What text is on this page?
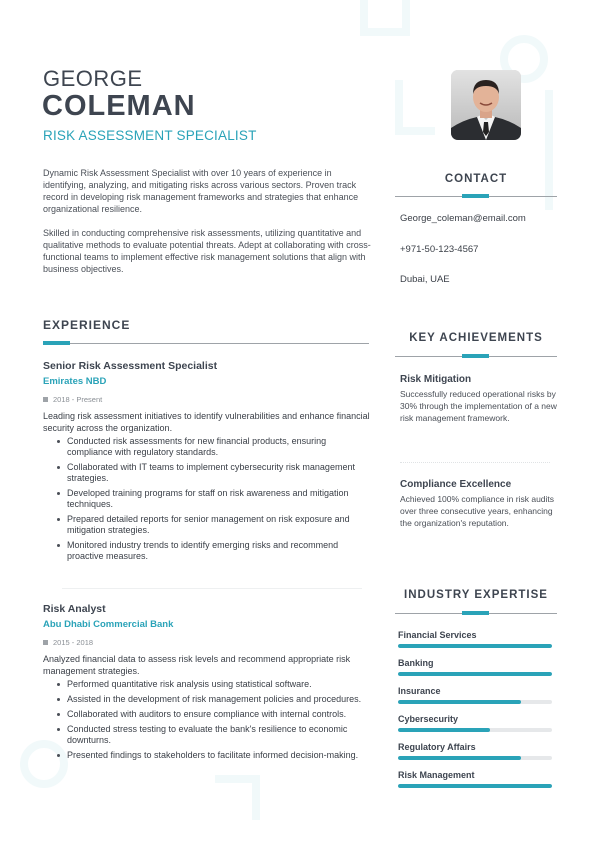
GEORGE
COLEMAN
RISK ASSESSMENT SPECIALIST

Dynamic Risk Assessment Specialist with over 10 years of experience in identifying, analyzing, and mitigating risks across various sectors. Proven track record in developing risk management frameworks and strategies that enhance organizational resilience.

Skilled in conducting comprehensive risk assessments, utilizing quantitative and qualitative methods to evaluate potential threats. Adept at collaborating with cross-functional teams to implement effective risk management solutions that align with business objectives.

CONTACT
George_coleman@email.com
+971-50-123-4567
Dubai, UAE
EXPERIENCE
Senior Risk Assessment Specialist
Emirates NBD
2018 - Present
Leading risk assessment initiatives to identify vulnerabilities and enhance financial security across the organization.
Conducted risk assessments for new financial products, ensuring compliance with regulatory standards.
Collaborated with IT teams to implement cybersecurity risk management strategies.
Developed training programs for staff on risk awareness and mitigation techniques.
Prepared detailed reports for senior management on risk exposure and mitigation strategies.
Monitored industry trends to identify emerging risks and recommend proactive measures.
Risk Analyst
Abu Dhabi Commercial Bank
2015 - 2018
Analyzed financial data to assess risk levels and recommend appropriate risk management strategies.
Performed quantitative risk analysis using statistical software.
Assisted in the development of risk management policies and procedures.
Collaborated with auditors to ensure compliance with internal controls.
Conducted stress testing to evaluate the bank's resilience to economic downturns.
Presented findings to stakeholders to facilitate informed decision-making.
KEY ACHIEVEMENTS
Risk Mitigation
Successfully reduced operational risks by 30% through the implementation of a new risk management framework.
Compliance Excellence
Achieved 100% compliance in risk audits over three consecutive years, enhancing the organization's reputation.
INDUSTRY EXPERTISE
Financial Services
Banking
Insurance
Cybersecurity
Regulatory Affairs
Risk Management
